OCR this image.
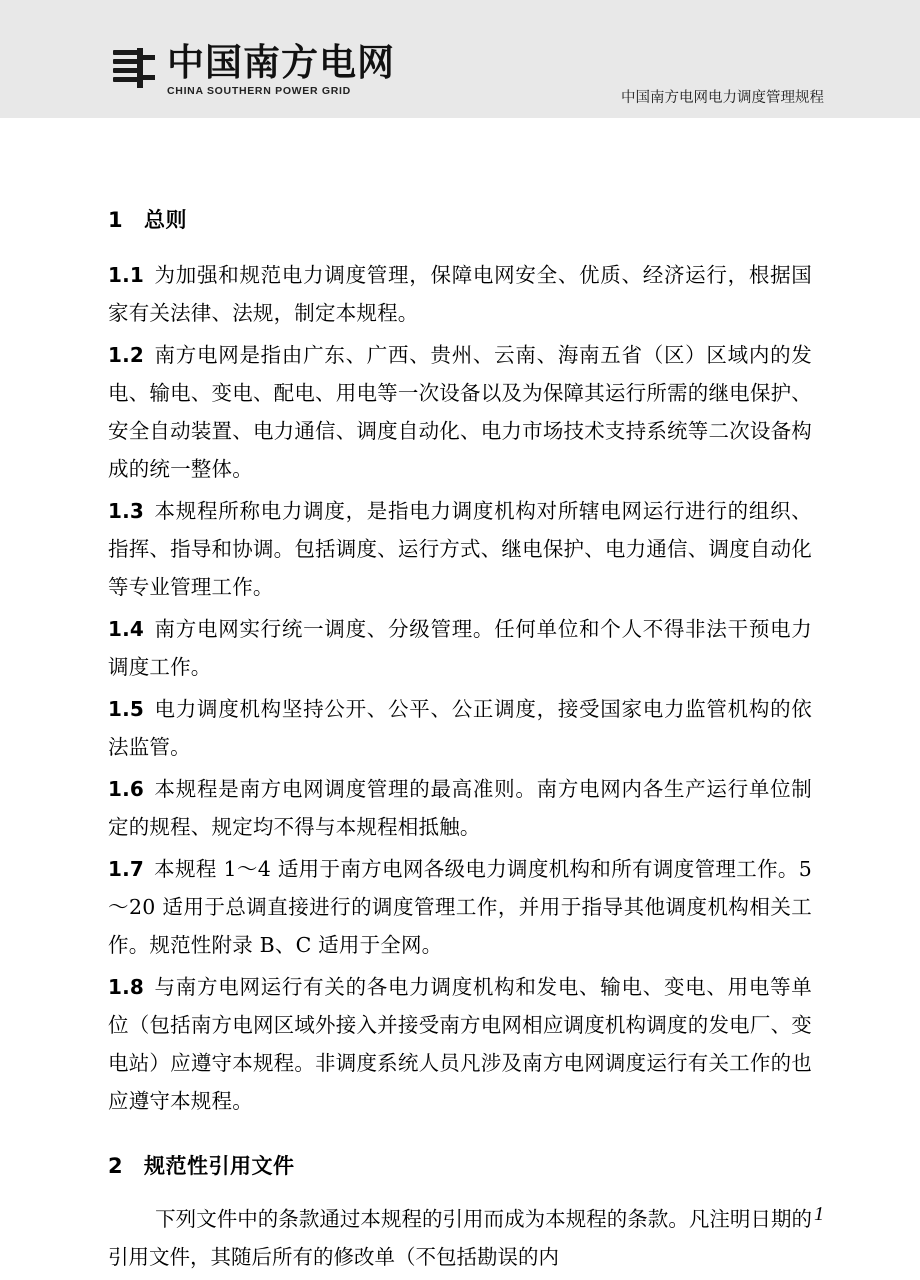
中国南方电网
CHINA SOUTHERN POWER GRID	中国南方电网电力调度管理规程
1 总则

1.1 为加强和规范电力调度管理，保障电网安全、优质、经济运行，根据国家有关法律、法规，制定本规程。

1.2 南方电网是指由广东、广西、贵州、云南、海南五省（区）区域内的发电、输电、变电、配电、用电等一次设备以及为保障其运行所需的继电保护、安全自动装置、电力通信、调度自动化、电力市场技术支持系统等二次设备构成的统一整体。

1.3 本规程所称电力调度，是指电力调度机构对所辖电网运行进行的组织、指挥、指导和协调。包括调度、运行方式、继电保护、电力通信、调度自动化等专业管理工作。

1.4 南方电网实行统一调度、分级管理。任何单位和个人不得非法干预电力调度工作。

1.5 电力调度机构坚持公开、公平、公正调度，接受国家电力监管机构的依法监管。

1.6 本规程是南方电网调度管理的最高准则。南方电网内各生产运行单位制定的规程、规定均不得与本规程相抵触。

1.7 本规程 1～4 适用于南方电网各级电力调度机构和所有调度管理工作。5～20 适用于总调直接进行的调度管理工作，并用于指导其他调度机构相关工作。规范性附录 B、C 适用于全网。

1.8 与南方电网运行有关的各电力调度机构和发电、输电、变电、用电等单位（包括南方电网区域外接入并接受南方电网相应调度机构调度的发电厂、变电站）应遵守本规程。非调度系统人员凡涉及南方电网调度运行有关工作的也应遵守本规程。

2 规范性引用文件

下列文件中的条款通过本规程的引用而成为本规程的条款。凡注明日期的引用文件，其随后所有的修改单（不包括勘误的内

1
